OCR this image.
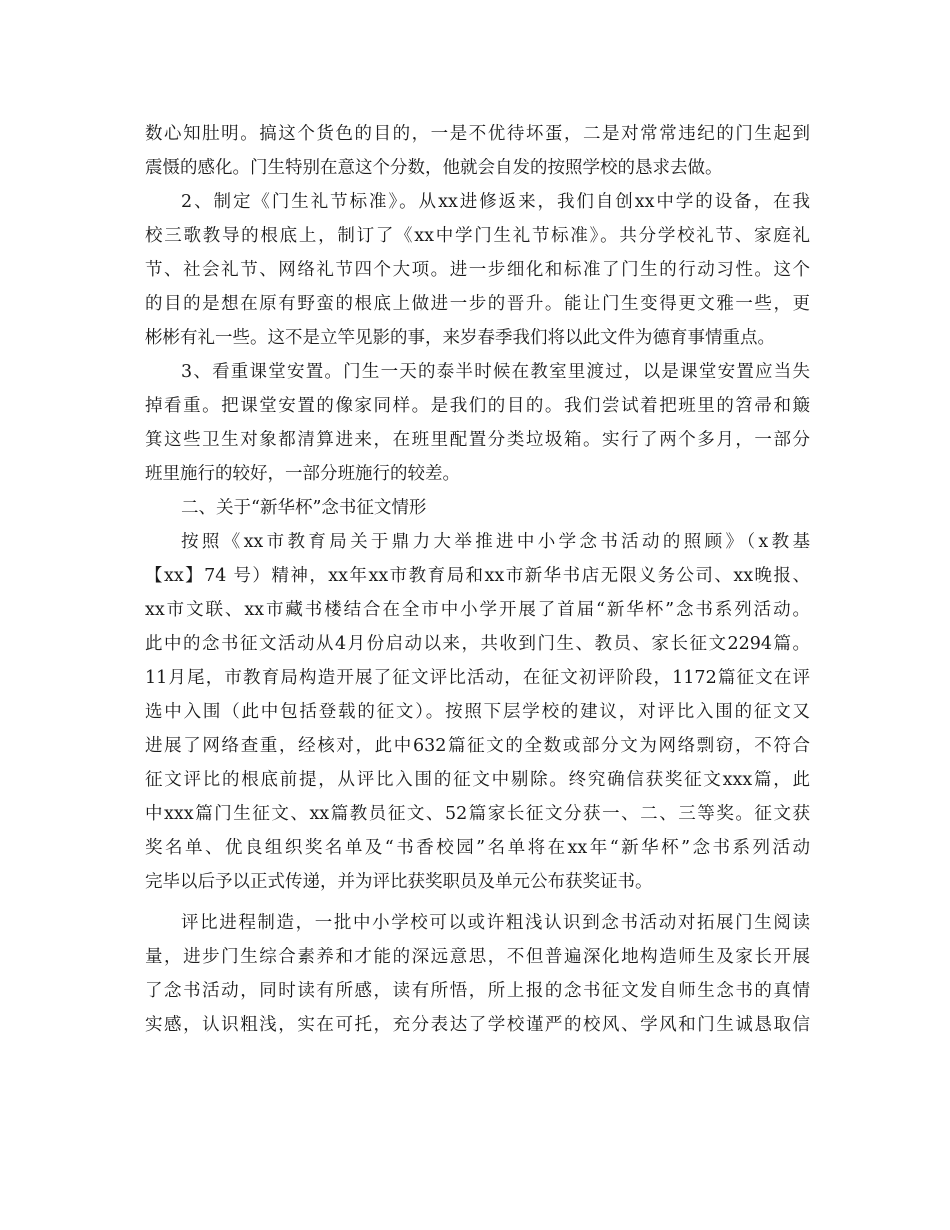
数心知肚明。搞这个货色的目的，一是不优待坏蛋，二是对常常违纪的门生起到
震慑的感化。门生特别在意这个分数，他就会自发的按照学校的恳求去做。
2、制定《门生礼节标准》。从xx进修返来，我们自创xx中学的设备，在我
校三歌教导的根底上，制订了《xx中学门生礼节标准》。共分学校礼节、家庭礼
节、社会礼节、网络礼节四个大项。进一步细化和标准了门生的行动习性。这个
的目的是想在原有野蛮的根底上做进一步的晋升。能让门生变得更文雅一些，更
彬彬有礼一些。这不是立竿见影的事，来岁春季我们将以此文件为德育事情重点。
3、看重课堂安置。门生一天的泰半时候在教室里渡过，以是课堂安置应当失
掉看重。把课堂安置的像家同样。是我们的目的。我们尝试着把班里的笤帚和簸
箕这些卫生对象都清算进来，在班里配置分类垃圾箱。实行了两个多月，一部分
班里施行的较好，一部分班施行的较差。
二、关于“新华杯”念书征文情形
按照《xx市教育局关于鼎力大举推进中小学念书活动的照顾》（x教基
【xx】74 号）精神，xx年xx市教育局和xx市新华书店无限义务公司、xx晚报、
xx市文联、xx市藏书楼结合在全市中小学开展了首届“新华杯”念书系列活动。
此中的念书征文活动从4月份启动以来，共收到门生、教员、家长征文2294篇。
11月尾，市教育局构造开展了征文评比活动，在征文初评阶段，1172篇征文在评
选中入围（此中包括登载的征文）。按照下层学校的建议，对评比入围的征文又
进展了网络查重，经核对，此中632篇征文的全数或部分文为网络剽窃，不符合
征文评比的根底前提，从评比入围的征文中剔除。终究确信获奖征文xxx篇，此
中xxx篇门生征文、xx篇教员征文、52篇家长征文分获一、二、三等奖。征文获
奖名单、优良组织奖名单及“书香校园”名单将在xx年“新华杯”念书系列活动
完毕以后予以正式传递，并为评比获奖职员及单元公布获奖证书。
评比进程制造，一批中小学校可以或许粗浅认识到念书活动对拓展门生阅读
量，进步门生综合素养和才能的深远意思，不但普遍深化地构造师生及家长开展
了念书活动，同时读有所感，读有所悟，所上报的念书征文发自师生念书的真情
实感，认识粗浅，实在可托，充分表达了学校谨严的校风、学风和门生诚恳取信
